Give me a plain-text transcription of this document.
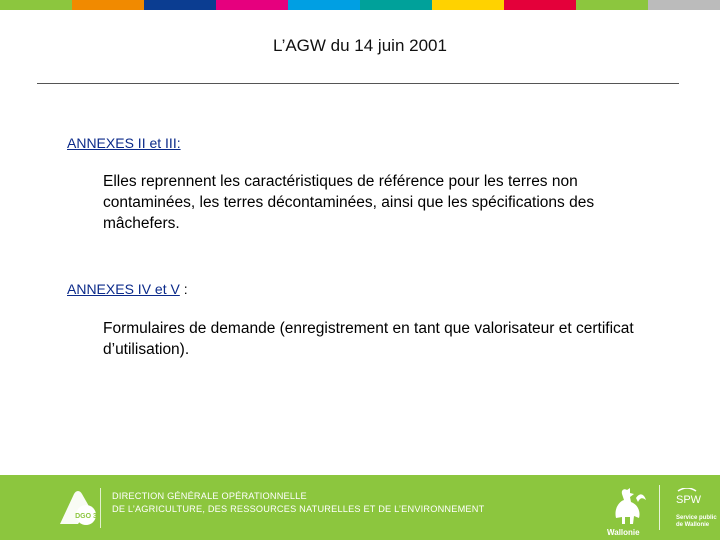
L’AGW du 14 juin 2001
ANNEXES II et III:
Elles reprennent les caractéristiques de référence pour les terres non contaminées, les terres décontaminées, ainsi que les spécifications des mâchefers.
ANNEXES IV et V :
Formulaires de demande (enregistrement en tant que valorisateur et certificat d’utilisation).
DGO 3
DIRECTION GÉNÉRALE OPÉRATIONNELLE
DE L’AGRICULTURE, DES RESSOURCES NATURELLES ET DE L’ENVIRONNEMENT
Wallonie
SPW
Service public
de Wallonie
